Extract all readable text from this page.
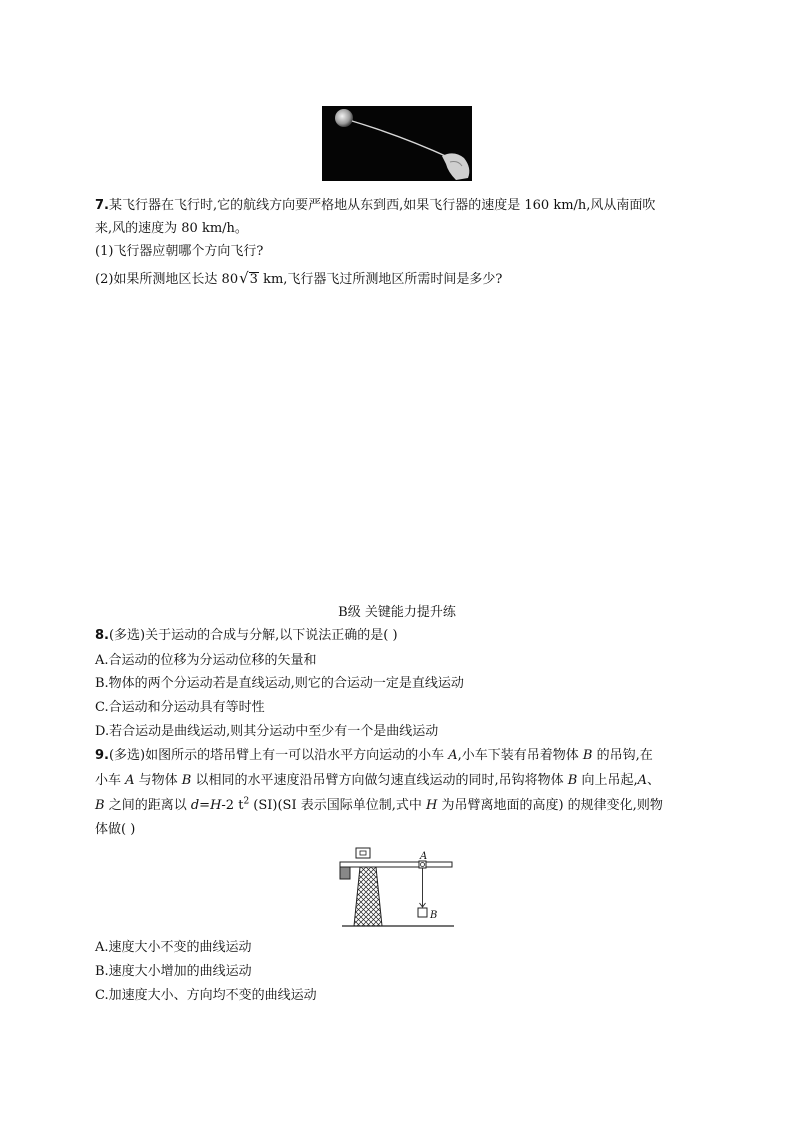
7.某飞行器在飞行时,它的航线方向要严格地从东到西,如果飞行器的速度是 160 km/h,风从南面吹
来,风的速度为 80 km/h。
(1)飞行器应朝哪个方向飞行?
(2)如果所测地区长达 80√3 km,飞行器飞过所测地区所需时间是多少?
B级 关键能力提升练
8.(多选)关于运动的合成与分解,以下说法正确的是( )
A.合运动的位移为分运动位移的矢量和
B.物体的两个分运动若是直线运动,则它的合运动一定是直线运动
C.合运动和分运动具有等时性
D.若合运动是曲线运动,则其分运动中至少有一个是曲线运动
9.(多选)如图所示的塔吊臂上有一可以沿水平方向运动的小车 A,小车下装有吊着物体 B 的吊钩,在
小车 A 与物体 B 以相同的水平速度沿吊臂方向做匀速直线运动的同时,吊钩将物体 B 向上吊起,A、
B 之间的距离以 d=H-2 $t^2$ (SI)(SI 表示国际单位制,式中 H 为吊臂离地面的高度) 的规律变化,则物
体做( )
A
B
A.速度大小不变的曲线运动
B.速度大小增加的曲线运动
C.加速度大小、方向均不变的曲线运动
